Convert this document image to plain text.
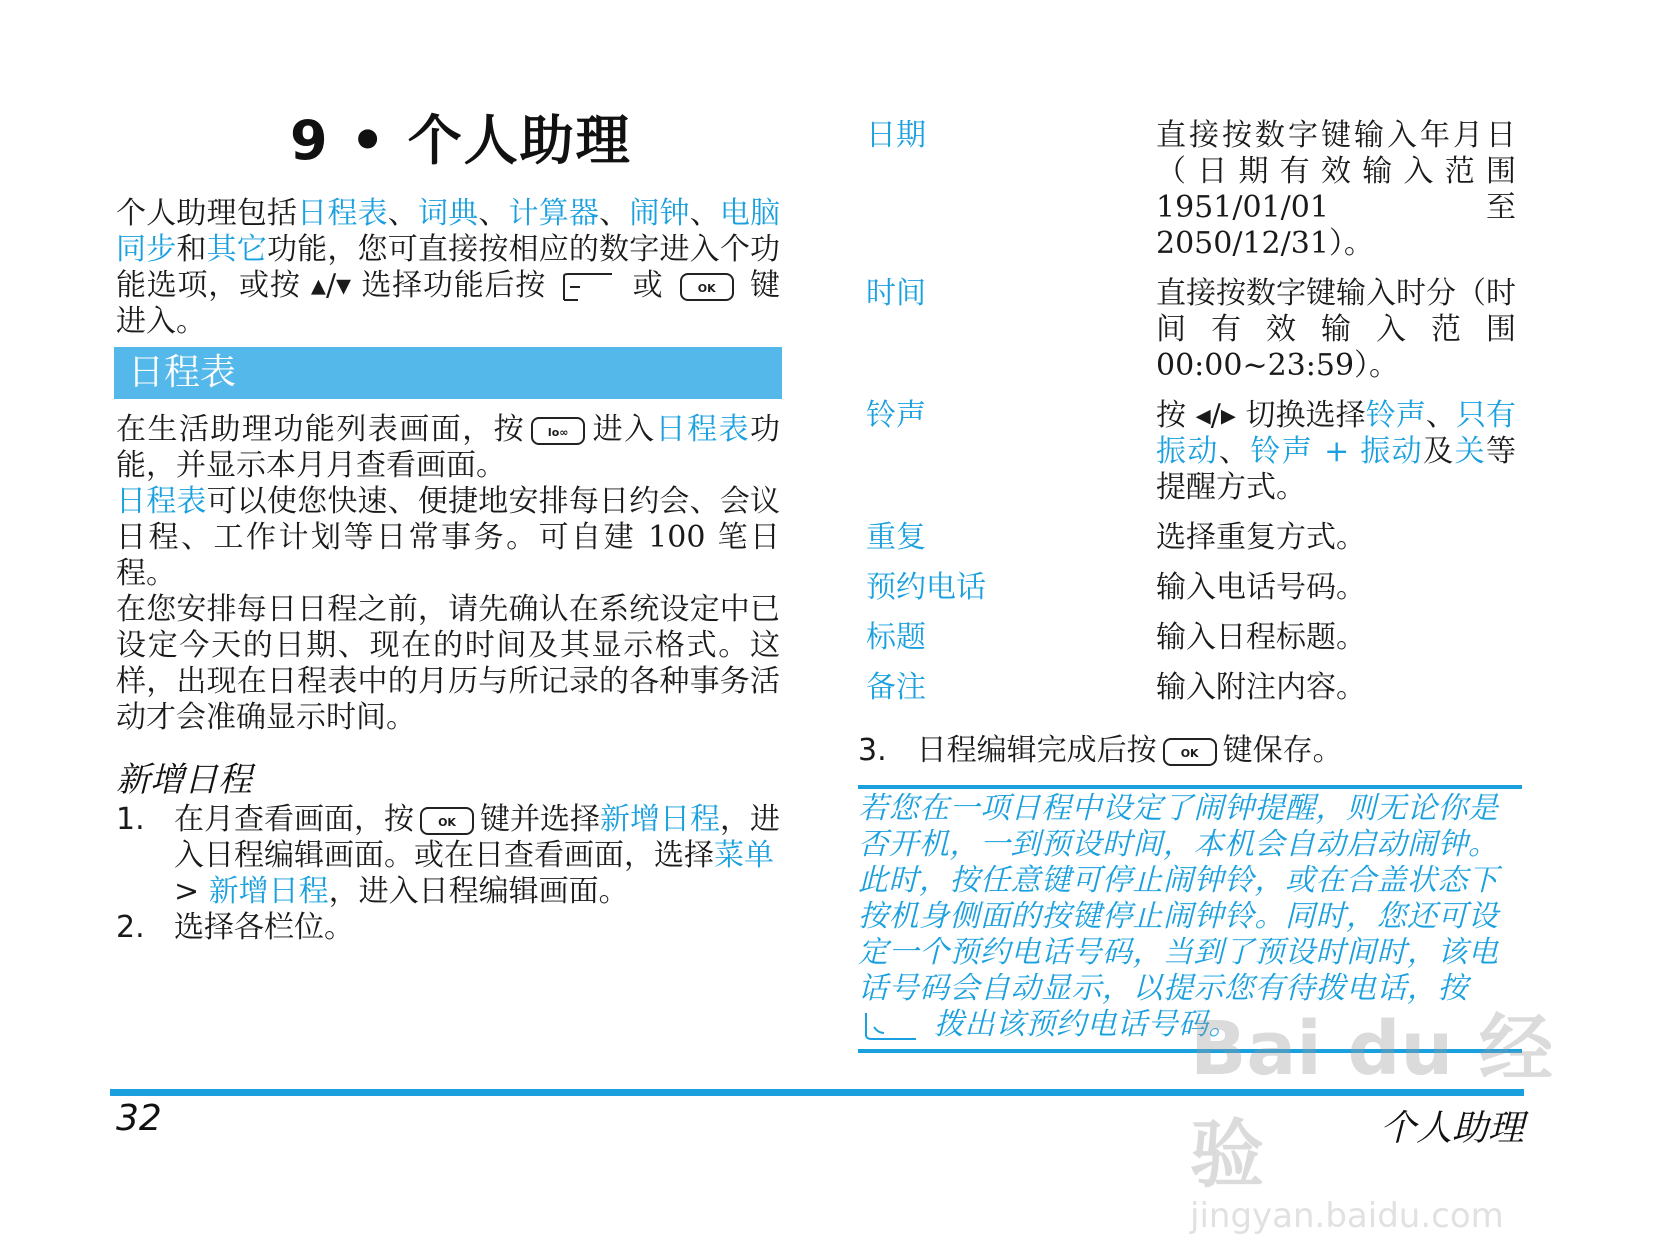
9 • 个人助理
个人助理包括日程表、词典、计算器、闹钟、电脑同步和其它功能，您可直接按相应的数字进入个功能选项，或按 ▴/▾ 选择功能后按	或	OK 键进入。
日程表
在生活助理功能列表画面，按 lo∞ 进入日程表功能，并显示本月月查看画面。
日程表可以使您快速、便捷地安排每日约会、会议日程、工作计划等日常事务。可自建 100 笔日程。
在您安排每日日程之前，请先确认在系统设定中已设定今天的日期、现在的时间及其显示格式。这样，出现在日程表中的月历与所记录的各种事务活动才会准确显示时间。
新增日程
1. 在月查看画面，按 OK 键并选择新增日程，进入日程编辑画面。或在日查看画面，选择菜单 > 新增日程，进入日程编辑画面。
2. 选择各栏位。
日期	直接按数字键输入年月日（日期有效输入范围 1951/01/01 至 2050/12/31）。
时间	直接按数字键输入时分（时间有效输入范围 00:00~23:59）。
铃声	按 ◂/▸ 切换选择铃声、只有振动、铃声 + 振动及关等提醒方式。
重复	选择重复方式。
预约电话	输入电话号码。
标题	输入日程标题。
备注	输入附注内容。
3. 日程编辑完成后按 OK 键保存。
若您在一项日程中设定了闹钟提醒，则无论你是否开机，一到预设时间，本机会自动启动闹钟。此时，按任意键可停止闹钟铃，或在合盖状态下按机身侧面的按键停止闹钟铃。同时，您还可设定一个预约电话号码，当到了预设时间时，该电话号码会自动显示，以提示您有待拨电话，按  拨出该预约电话号码。
32	个人助理
Bai du 经验
jingyan.baidu.com
